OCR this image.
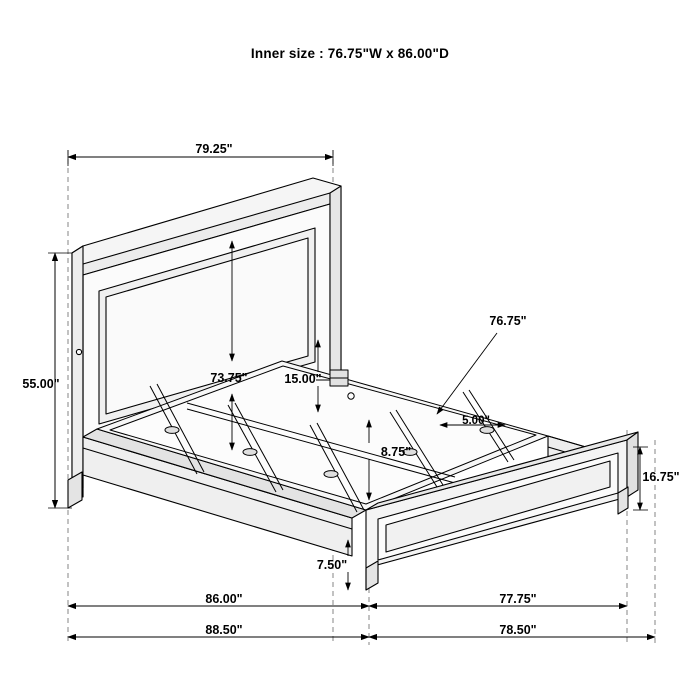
Inner size : 76.75"W x 86.00"D
79.25"
55.00"	73.75"	15.00"
76.75"
5.00"
8.75"
16.75"
7.50"
86.00"	77.75"
88.50"	78.50"
